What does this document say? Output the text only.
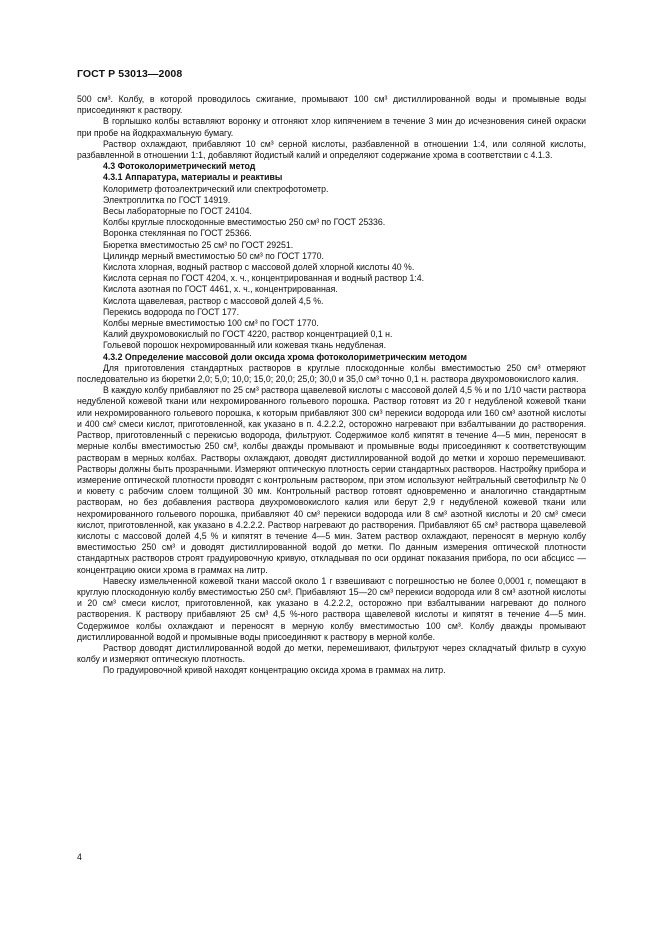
ГОСТ Р 53013—2008

500 см³. Колбу, в которой проводилось сжигание, промывают 100 см³ дистиллированной воды и промывные воды присоединяют к раствору.

В горлышко колбы вставляют воронку и отгоняют хлор кипячением в течение 3 мин до исчезновения синей окраски при пробе на йодкрахмальную бумагу.

Раствор охлаждают, прибавляют 10 см³ серной кислоты, разбавленной в отношении 1:4, или соляной кислоты, разбавленной в отношении 1:1, добавляют йодистый калий и определяют содержание хрома в соответствии с 4.1.3.

4.3 Фотоколориметрический метод

4.3.1 Аппаратура, материалы и реактивы

Колориметр фотоэлектрический или спектрофотометр.

Электроплитка по ГОСТ 14919.

Весы лабораторные по ГОСТ 24104.

Колбы круглые плоскодонные вместимостью 250 см³ по ГОСТ 25336.

Воронка стеклянная по ГОСТ 25366.

Бюретка вместимостью 25 см³ по ГОСТ 29251.

Цилиндр мерный вместимостью 50 см³ по ГОСТ 1770.

Кислота хлорная, водный раствор с массовой долей хлорной кислоты 40 %.

Кислота серная по ГОСТ 4204, х. ч., концентрированная и водный раствор 1:4.

Кислота азотная по ГОСТ 4461, х. ч., концентрированная.

Кислота щавелевая, раствор с массовой долей 4,5 %.

Перекись водорода по ГОСТ 177.

Колбы мерные вместимостью 100 см³ по ГОСТ 1770.

Калий двухромовокислый по ГОСТ 4220, раствор концентрацией 0,1 н.

Гольевой порошок нехромированный или кожевая ткань недубленая.

4.3.2 Определение массовой доли оксида хрома фотоколориметрическим методом

Для приготовления стандартных растворов в круглые плоскодонные колбы вместимостью 250 см³ отмеряют последовательно из бюретки 2,0; 5,0; 10,0; 15,0; 20,0; 25,0; 30,0 и 35,0 см³ точно 0,1 н. раствора двухромовокислого калия.

В каждую колбу прибавляют по 25 см³ раствора щавелевой кислоты с массовой долей 4,5 % и по 1/10 части раствора недубленой кожевой ткани или нехромированного гольевого порошка. Раствор готовят из 20 г недубленой кожевой ткани или нехромированного гольевого порошка, к которым прибавляют 300 см³ перекиси водорода или 160 см³ азотной кислоты и 400 см³ смеси кислот, приготовленной, как указано в п. 4.2.2.2, осторожно нагревают при взбалтывании до растворения. Раствор, приготовленный с перекисью водорода, фильтруют. Содержимое колб кипятят в течение 4—5 мин, переносят в мерные колбы вместимостью 250 см³, колбы дважды промывают и промывные воды присоединяют к соответствующим растворам в мерных колбах. Растворы охлаждают, доводят дистиллированной водой до метки и хорошо перемешивают. Растворы должны быть прозрачными. Измеряют оптическую плотность серии стандартных растворов. Настройку прибора и измерение оптической плотности проводят с контрольным раствором, при этом используют нейтральный светофильтр № 0 и кювету с рабочим слоем толщиной 30 мм. Контрольный раствор готовят одновременно и аналогично стандартным растворам, но без добавления раствора двухромовокислого калия или берут 2,9 г недубленой кожевой ткани или нехромированного гольевого порошка, прибавляют 40 см³ перекиси водорода или 8 см³ азотной кислоты и 20 см³ смеси кислот, приготовленной, как указано в 4.2.2.2. Раствор нагревают до растворения. Прибавляют 65 см³ раствора щавелевой кислоты с массовой долей 4,5 % и кипятят в течение 4—5 мин. Затем раствор охлаждают, переносят в мерную колбу вместимостью 250 см³ и доводят дистиллированной водой до метки. По данным измерения оптической плотности стандартных растворов строят градуировочную кривую, откладывая по оси ординат показания прибора, по оси абсцисс — концентрацию окиси хрома в граммах на литр.

Навеску измельченной кожевой ткани массой около 1 г взвешивают с погрешностью не более 0,0001 г, помещают в круглую плоскодонную колбу вместимостью 250 см³. Прибавляют 15—20 см³ перекиси водорода или 8 см³ азотной кислоты и 20 см³ смеси кислот, приготовленной, как указано в 4.2.2.2, осторожно при взбалтывании нагревают до полного растворения. К раствору прибавляют 25 см³ 4,5 %-ного раствора щавелевой кислоты и кипятят в течение 4—5 мин. Содержимое колбы охлаждают и переносят в мерную колбу вместимостью 100 см³. Колбу дважды промывают дистиллированной водой и промывные воды присоединяют к раствору в мерной колбе.

Раствор доводят дистиллированной водой до метки, перемешивают, фильтруют через складчатый фильтр в сухую колбу и измеряют оптическую плотность.

По градуировочной кривой находят концентрацию оксида хрома в граммах на литр.

4
